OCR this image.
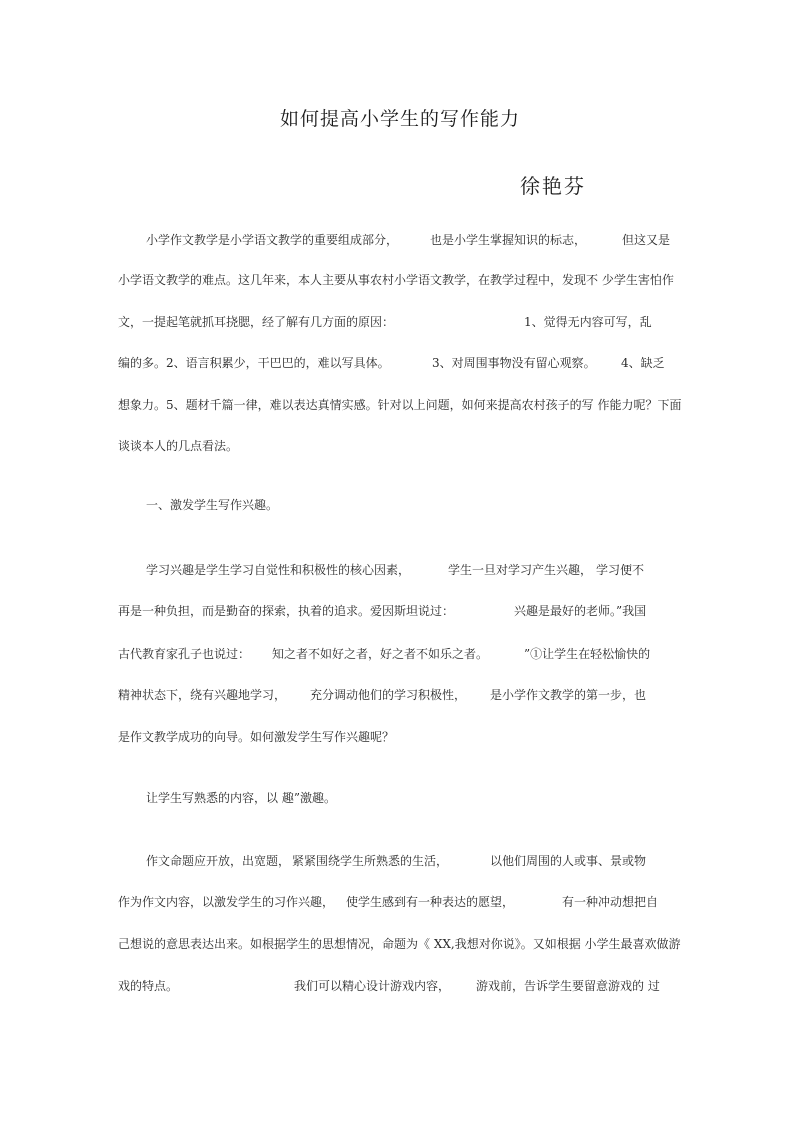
如何提高小学生的写作能力
徐艳芬
小学作文教学是小学语文教学的重要组成部分，	也是小学生掌握知识的标志，	但这又是
小学语文教学的难点。这几年来，本人主要从事农村小学语文教学，在教学过程中，发现不 少学生害怕作
文，一提起笔就抓耳挠腮，经了解有几方面的原因：	1、觉得无内容可写，乱
编的多。2、语言积累少，干巴巴的，难以写具体。	3、对周围事物没有留心观察。 4、缺乏
想象力。5、题材千篇一律，难以表达真情实感。针对以上问题，如何来提高农村孩子的写 作能力呢？下面
谈谈本人的几点看法。
一、激发学生写作兴趣。
学习兴趣是学生学习自觉性和积极性的核心因素，	学生一旦对学习产生兴趣， 学习便不
再是一种负担，而是勤奋的探索，执着的追求。爱因斯坦说过：	兴趣是最好的老师。”我国
古代教育家孔子也说过： 知之者不如好之者，好之者不如乐之者。	”①让学生在轻松愉快的
精神状态下，绕有兴趣地学习， 充分调动他们的学习积极性， 是小学作文教学的第一步，也
是作文教学成功的向导。如何激发学生写作兴趣呢？
让学生写熟悉的内容，以 趣”激趣。
作文命题应开放，出宽题， 紧紧围绕学生所熟悉的生活，	以他们周围的人或事、景或物
作为作文内容，以激发学生的习作兴趣， 使学生感到有一种表达的愿望，	有一种冲动想把自
己想说的意思表达出来。如根据学生的思想情况，命题为《 XX,我想对你说》。又如根据 小学生最喜欢做游
戏的特点。	我们可以精心设计游戏内容， 游戏前，告诉学生要留意游戏的 过
